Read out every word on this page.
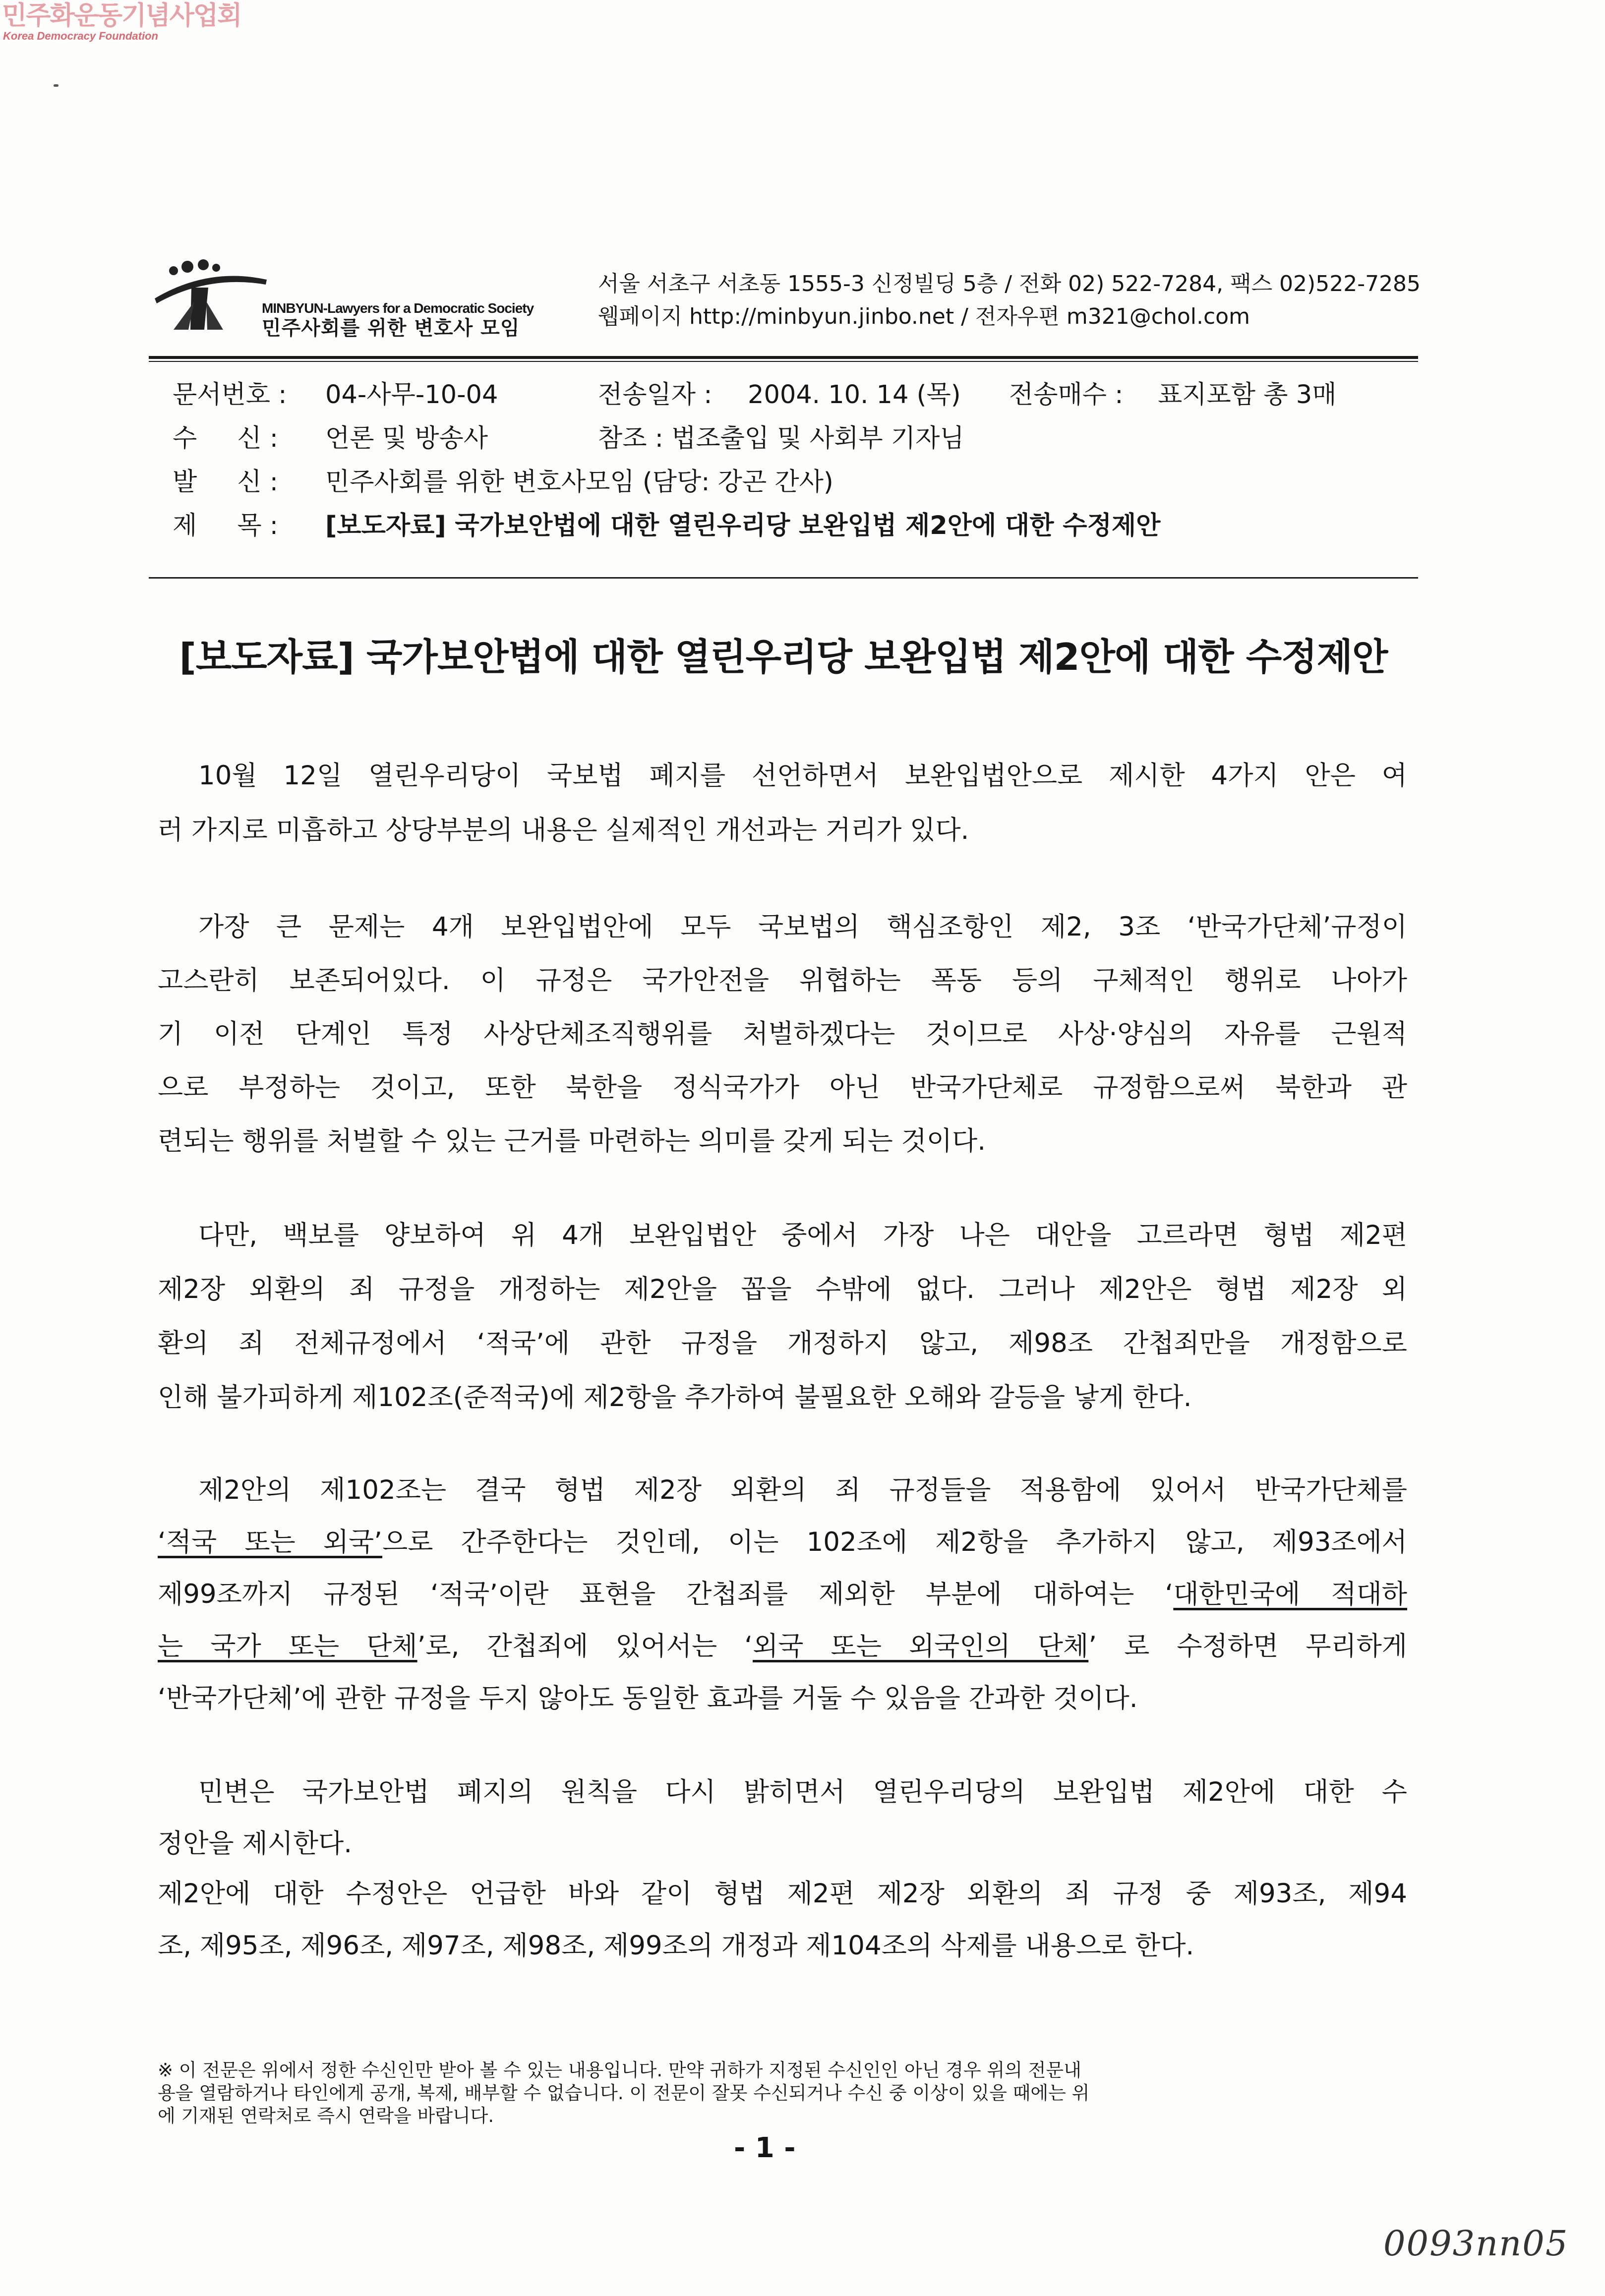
민주화운동기념사업회
Korea Democracy Foundation
MINBYUN-Lawyers for a Democratic Society
민주사회를 위한 변호사 모임
서울 서초구 서초동 1555-3 신정빌딩 5층 / 전화 02) 522-7284, 팩스 02)522-7285
웹페이지 http://minbyun.jinbo.net / 전자우편 m321@chol.com
문서번호 : 04-사무-10-04	전송일자 : 2004. 10. 14 (목) 전송매수 : 표지포함 총 3매
수     신 : 언론 및 방송사	참조 : 법조출입 및 사회부 기자님
발     신 : 민주사회를 위한 변호사모임 (담당: 강곤 간사)
제     목 : [보도자료] 국가보안법에 대한 열린우리당 보완입법 제2안에 대한 수정제안
[보도자료] 국가보안법에 대한 열린우리당 보완입법 제2안에 대한 수정제안
10월 12일 열린우리당이 국보법 폐지를 선언하면서 보완입법안으로 제시한 4가지 안은 여
러 가지로 미흡하고 상당부분의 내용은 실제적인 개선과는 거리가 있다.
가장 큰 문제는 4개 보완입법안에 모두 국보법의 핵심조항인 제2, 3조 ‘반국가단체’규정이
고스란히 보존되어있다. 이 규정은 국가안전을 위협하는 폭동 등의 구체적인 행위로 나아가
기 이전 단계인 특정 사상단체조직행위를 처벌하겠다는 것이므로 사상·양심의 자유를 근원적
으로 부정하는 것이고, 또한 북한을 정식국가가 아닌 반국가단체로 규정함으로써 북한과 관
련되는 행위를 처벌할 수 있는 근거를 마련하는 의미를 갖게 되는 것이다.
다만, 백보를 양보하여 위 4개 보완입법안 중에서 가장 나은 대안을 고르라면 형법 제2편
제2장 외환의 죄 규정을 개정하는 제2안을 꼽을 수밖에 없다. 그러나 제2안은 형법 제2장 외
환의 죄 전체규정에서 ‘적국’에 관한 규정을 개정하지 않고, 제98조 간첩죄만을 개정함으로
인해 불가피하게 제102조(준적국)에 제2항을 추가하여 불필요한 오해와 갈등을 낳게 한다.
제2안의 제102조는 결국 형법 제2장 외환의 죄 규정들을 적용함에 있어서 반국가단체를
‘적국 또는 외국’으로 간주한다는 것인데, 이는 102조에 제2항을 추가하지 않고, 제93조에서
제99조까지 규정된 ‘적국’이란 표현을 간첩죄를 제외한 부분에 대하여는 ‘대한민국에 적대하
는 국가 또는 단체’로, 간첩죄에 있어서는 ‘외국 또는 외국인의 단체’ 로 수정하면 무리하게
‘반국가단체’에 관한 규정을 두지 않아도 동일한 효과를 거둘 수 있음을 간과한 것이다.
민변은 국가보안법 폐지의 원칙을 다시 밝히면서 열린우리당의 보완입법 제2안에 대한 수
정안을 제시한다.
제2안에 대한 수정안은 언급한 바와 같이 형법 제2편 제2장 외환의 죄 규정 중 제93조, 제94
조, 제95조, 제96조, 제97조, 제98조, 제99조의 개정과 제104조의 삭제를 내용으로 한다.
※ 이 전문은 위에서 정한 수신인만 받아 볼 수 있는 내용입니다. 만약 귀하가 지정된 수신인인 아닌 경우 위의 전문내
용을 열람하거나 타인에게 공개, 복제, 배부할 수 없습니다. 이 전문이 잘못 수신되거나 수신 중 이상이 있을 때에는 위
에 기재된 연락처로 즉시 연락을 바랍니다.
- 1 -
0093nn05
